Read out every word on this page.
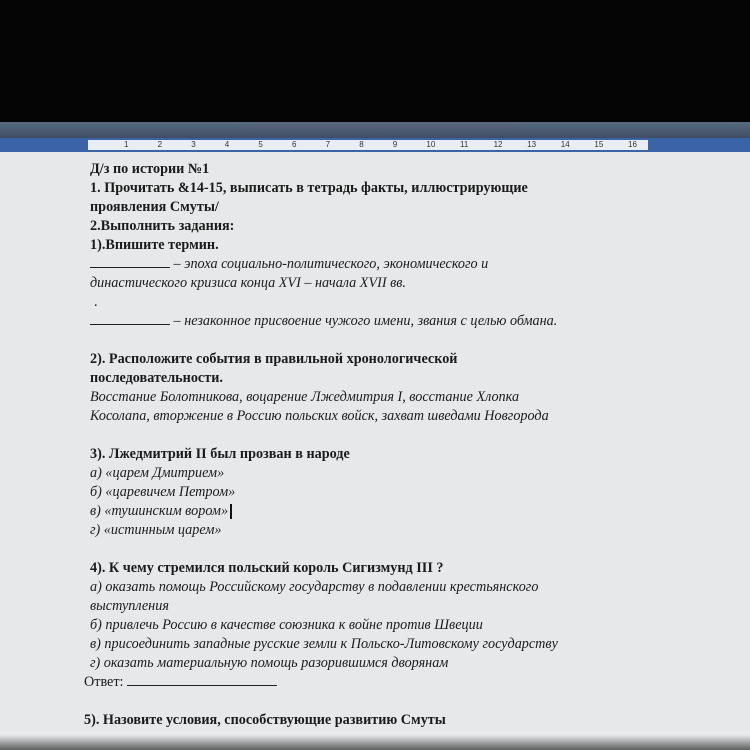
1	2	3	4	5	6	7	8	9	10	11	12	13	14	15	16

Д/з по истории №1

1. Прочитать &14-15, выписать в тетрадь факты, иллюстрирующие

проявления Смуты/

2.Выполнить задания:

1).Впишите термин.

– эпоха социально-политического, экономического и

династического кризиса конца XVI – начала XVII вв.

.

– незаконное присвоение чужого имени, звания с целью обмана.

2). Расположите события в правильной хронологической

последовательности.

Восстание Болотникова, воцарение Лжедмитрия I, восстание Хлопка

Косолапа, вторжение в Россию польских войск, захват шведами Новгорода

3). Лжедмитрий II был прозван в народе

а) «царем Дмитрием»

б) «царевичем Петром»

в) «тушинским вором»

г) «истинным царем»

4). К чему стремился польский король Сигизмунд III ?

а) оказать помощь Российскому государству в подавлении крестьянского

выступления

б) привлечь Россию в качестве союзника к войне против Швеции

в) присоединить западные русские земли к Польско-Литовскому государству

г) оказать материальную помощь разорившимся дворянам

Ответ:

5). Назовите условия, способствующие развитию Смуты
